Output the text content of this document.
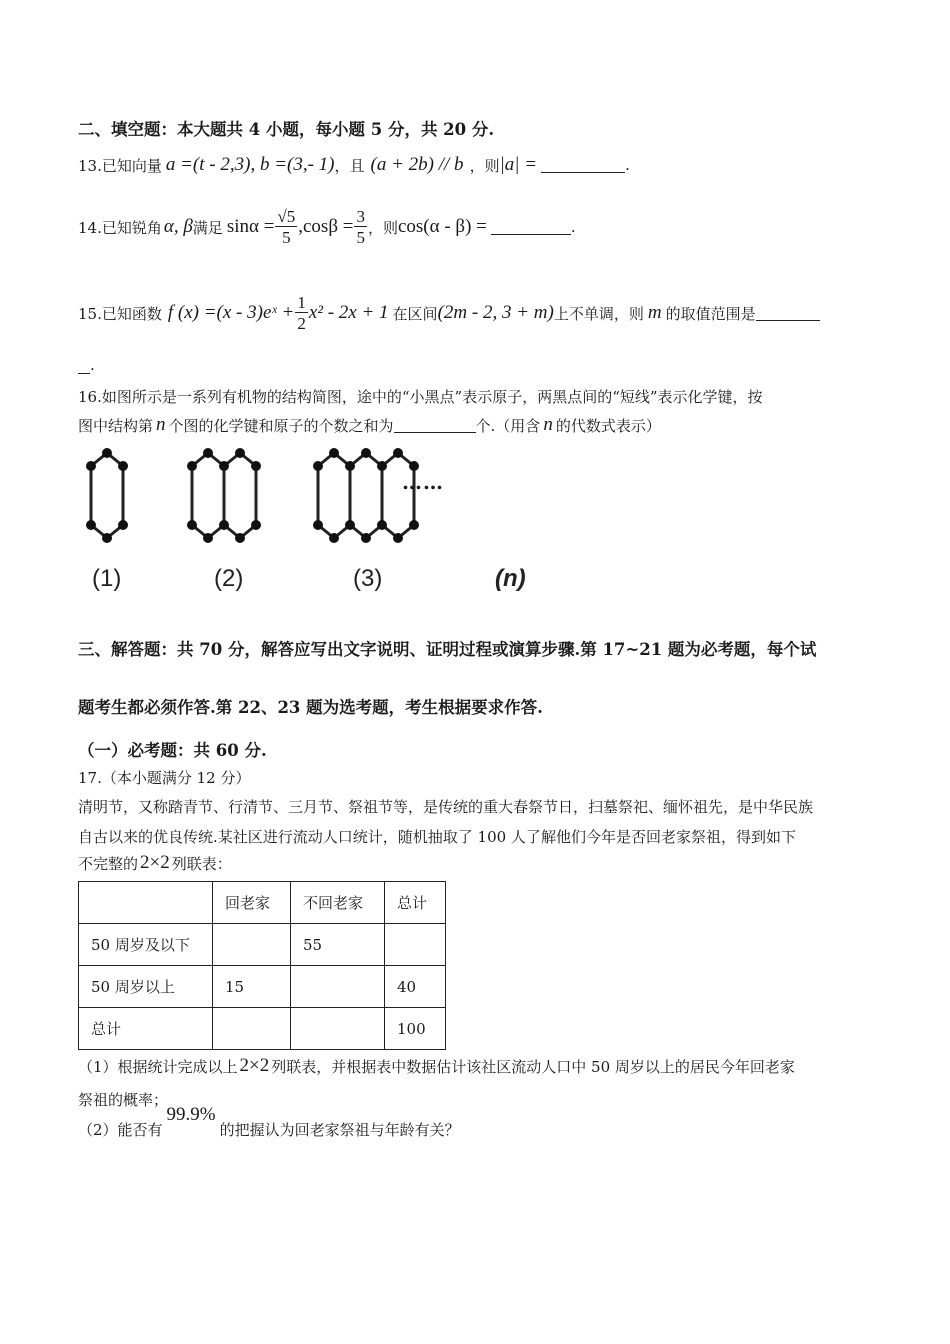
二、填空题：本大题共 4 小题，每小题 5 分，共 20 分.
13.已知向量 a =(t - 2,3), b =(3,- 1) ，且 (a + 2b) // b ，则 |a| =	.
14.已知锐角 α, β 满足 $\sin\alpha = \frac{√5}{5} ,\cos\beta = \frac{3}{5}$ ，则 cos(α - β) =	.
15.已知函数 f (x) =(x - 3)eˣ + $\frac{1}{2} x^2 - 2x + 1$ 在区间 (2m - 2, 3 + m) 上不单调，则 m 的取值范围是
.
16.如图所示是一系列有机物的结构简图，途中的“小黑点”表示原子，两黑点间的“短线”表示化学键，按
图中结构第 n 个图的化学键和原子的个数之和为	个.（用含 n 的代数式表示）
……
(1)	(2)	(3)	(n)
三、解答题：共 70 分，解答应写出文字说明、证明过程或演算步骤.第 17~21 题为必考题，每个试
题考生都必须作答.第 22、23 题为选考题，考生根据要求作答.
（一）必考题：共 60 分.
17.（本小题满分 12 分）
清明节，又称踏青节、行清节、三月节、祭祖节等，是传统的重大春祭节日，扫墓祭祀、缅怀祖先，是中华民族
自古以来的优良传统.某社区进行流动人口统计，随机抽取了 100 人了解他们今年是否回老家祭祖，得到如下
不完整的 2×2 列联表：
	回老家	不回老家	总计
50 周岁及以下		55	
50 周岁以上	15		40
总计			100
（1）根据统计完成以上 2×2 列联表，并根据表中数据估计该社区流动人口中 50 周岁以上的居民今年回老家
祭祖的概率；
（2）能否有
99.9%
的把握认为回老家祭祖与年龄有关？
